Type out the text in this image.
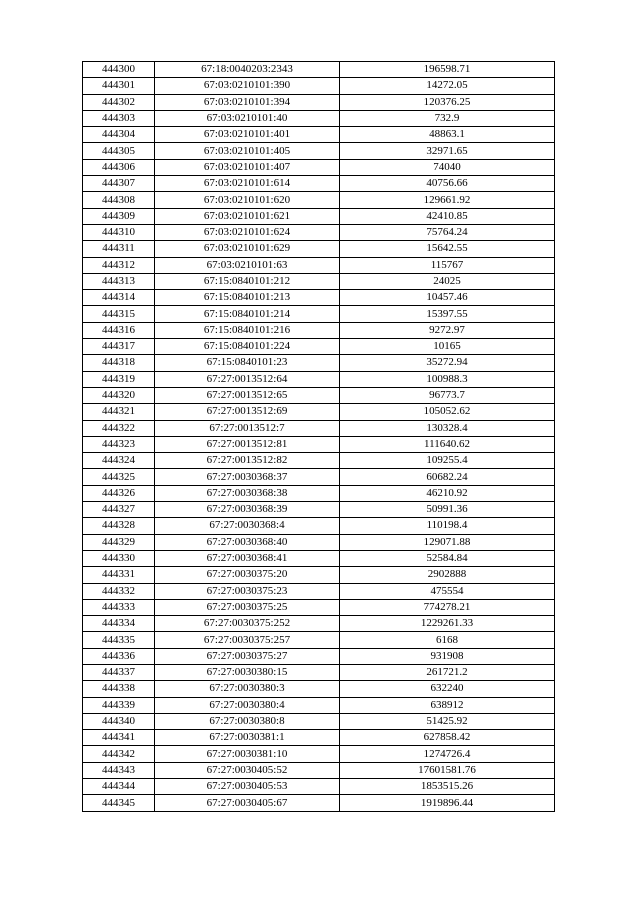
444300	67:18:0040203:2343	196598.71
444301	67:03:0210101:390	14272.05
444302	67:03:0210101:394	120376.25
444303	67:03:0210101:40	732.9
444304	67:03:0210101:401	48863.1
444305	67:03:0210101:405	32971.65
444306	67:03:0210101:407	74040
444307	67:03:0210101:614	40756.66
444308	67:03:0210101:620	129661.92
444309	67:03:0210101:621	42410.85
444310	67:03:0210101:624	75764.24
444311	67:03:0210101:629	15642.55
444312	67:03:0210101:63	115767
444313	67:15:0840101:212	24025
444314	67:15:0840101:213	10457.46
444315	67:15:0840101:214	15397.55
444316	67:15:0840101:216	9272.97
444317	67:15:0840101:224	10165
444318	67:15:0840101:23	35272.94
444319	67:27:0013512:64	100988.3
444320	67:27:0013512:65	96773.7
444321	67:27:0013512:69	105052.62
444322	67:27:0013512:7	130328.4
444323	67:27:0013512:81	111640.62
444324	67:27:0013512:82	109255.4
444325	67:27:0030368:37	60682.24
444326	67:27:0030368:38	46210.92
444327	67:27:0030368:39	50991.36
444328	67:27:0030368:4	110198.4
444329	67:27:0030368:40	129071.88
444330	67:27:0030368:41	52584.84
444331	67:27:0030375:20	2902888
444332	67:27:0030375:23	475554
444333	67:27:0030375:25	774278.21
444334	67:27:0030375:252	1229261.33
444335	67:27:0030375:257	6168
444336	67:27:0030375:27	931908
444337	67:27:0030380:15	261721.2
444338	67:27:0030380:3	632240
444339	67:27:0030380:4	638912
444340	67:27:0030380:8	51425.92
444341	67:27:0030381:1	627858.42
444342	67:27:0030381:10	1274726.4
444343	67:27:0030405:52	17601581.76
444344	67:27:0030405:53	1853515.26
444345	67:27:0030405:67	1919896.44
